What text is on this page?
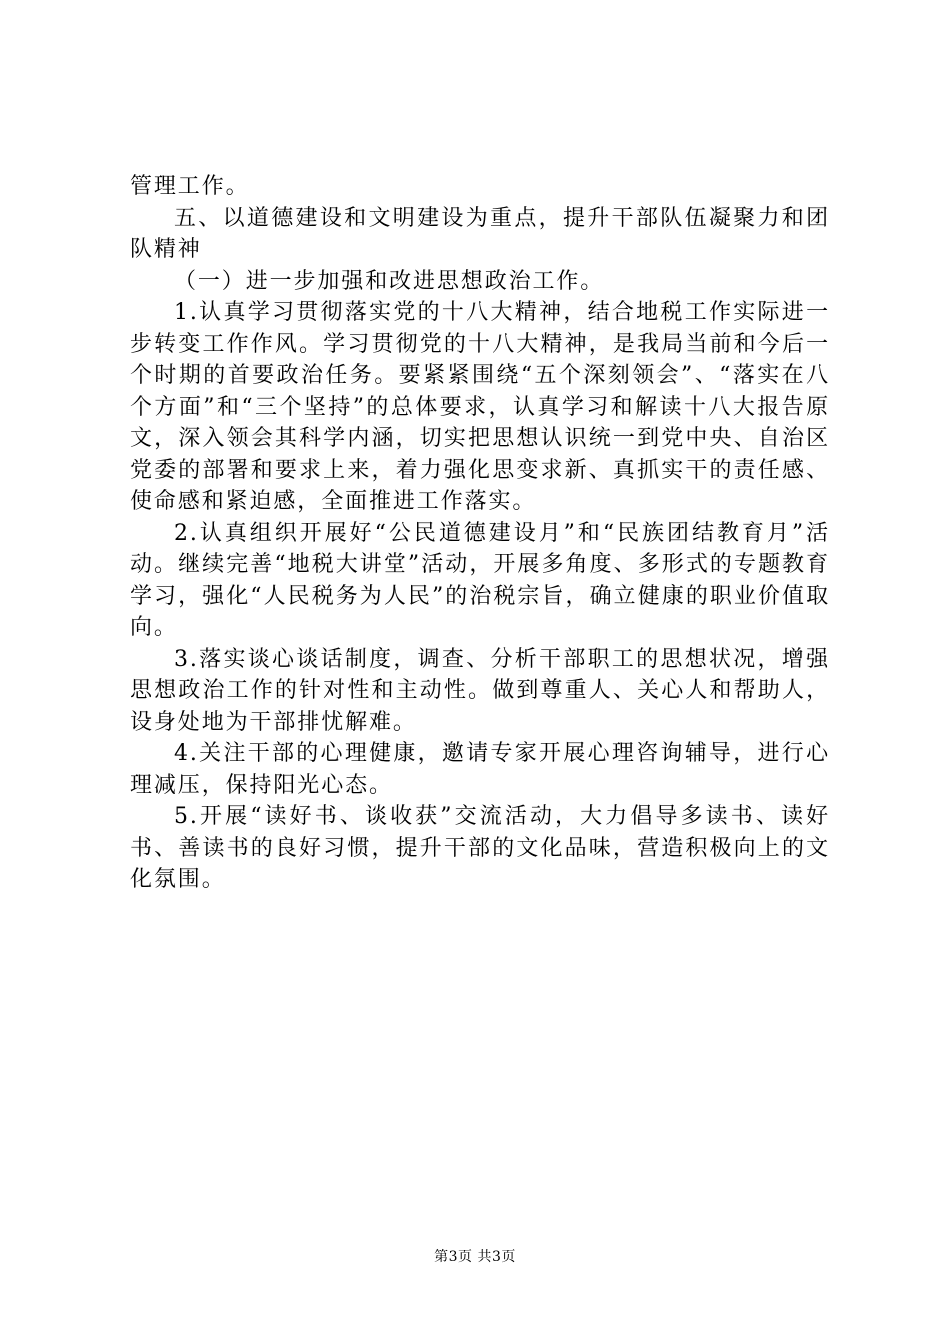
管理工作。

五、以道德建设和文明建设为重点，提升干部队伍凝聚力和团队精神

（一）进一步加强和改进思想政治工作。

1.认真学习贯彻落实党的十八大精神，结合地税工作实际进一步转变工作作风。学习贯彻党的十八大精神，是我局当前和今后一个时期的首要政治任务。要紧紧围绕“五个深刻领会”、“落实在八个方面”和“三个坚持”的总体要求，认真学习和解读十八大报告原文，深入领会其科学内涵，切实把思想认识统一到党中央、自治区党委的部署和要求上来，着力强化思变求新、真抓实干的责任感、使命感和紧迫感，全面推进工作落实。

2.认真组织开展好“公民道德建设月”和“民族团结教育月”活动。继续完善“地税大讲堂”活动，开展多角度、多形式的专题教育学习，强化“人民税务为人民”的治税宗旨，确立健康的职业价值取向。

3.落实谈心谈话制度，调查、分析干部职工的思想状况，增强思想政治工作的针对性和主动性。做到尊重人、关心人和帮助人，设身处地为干部排忧解难。

4.关注干部的心理健康，邀请专家开展心理咨询辅导，进行心理减压，保持阳光心态。

5.开展“读好书、谈收获”交流活动，大力倡导多读书、读好书、善读书的良好习惯，提升干部的文化品味，营造积极向上的文化氛围。

第3页 共3页
